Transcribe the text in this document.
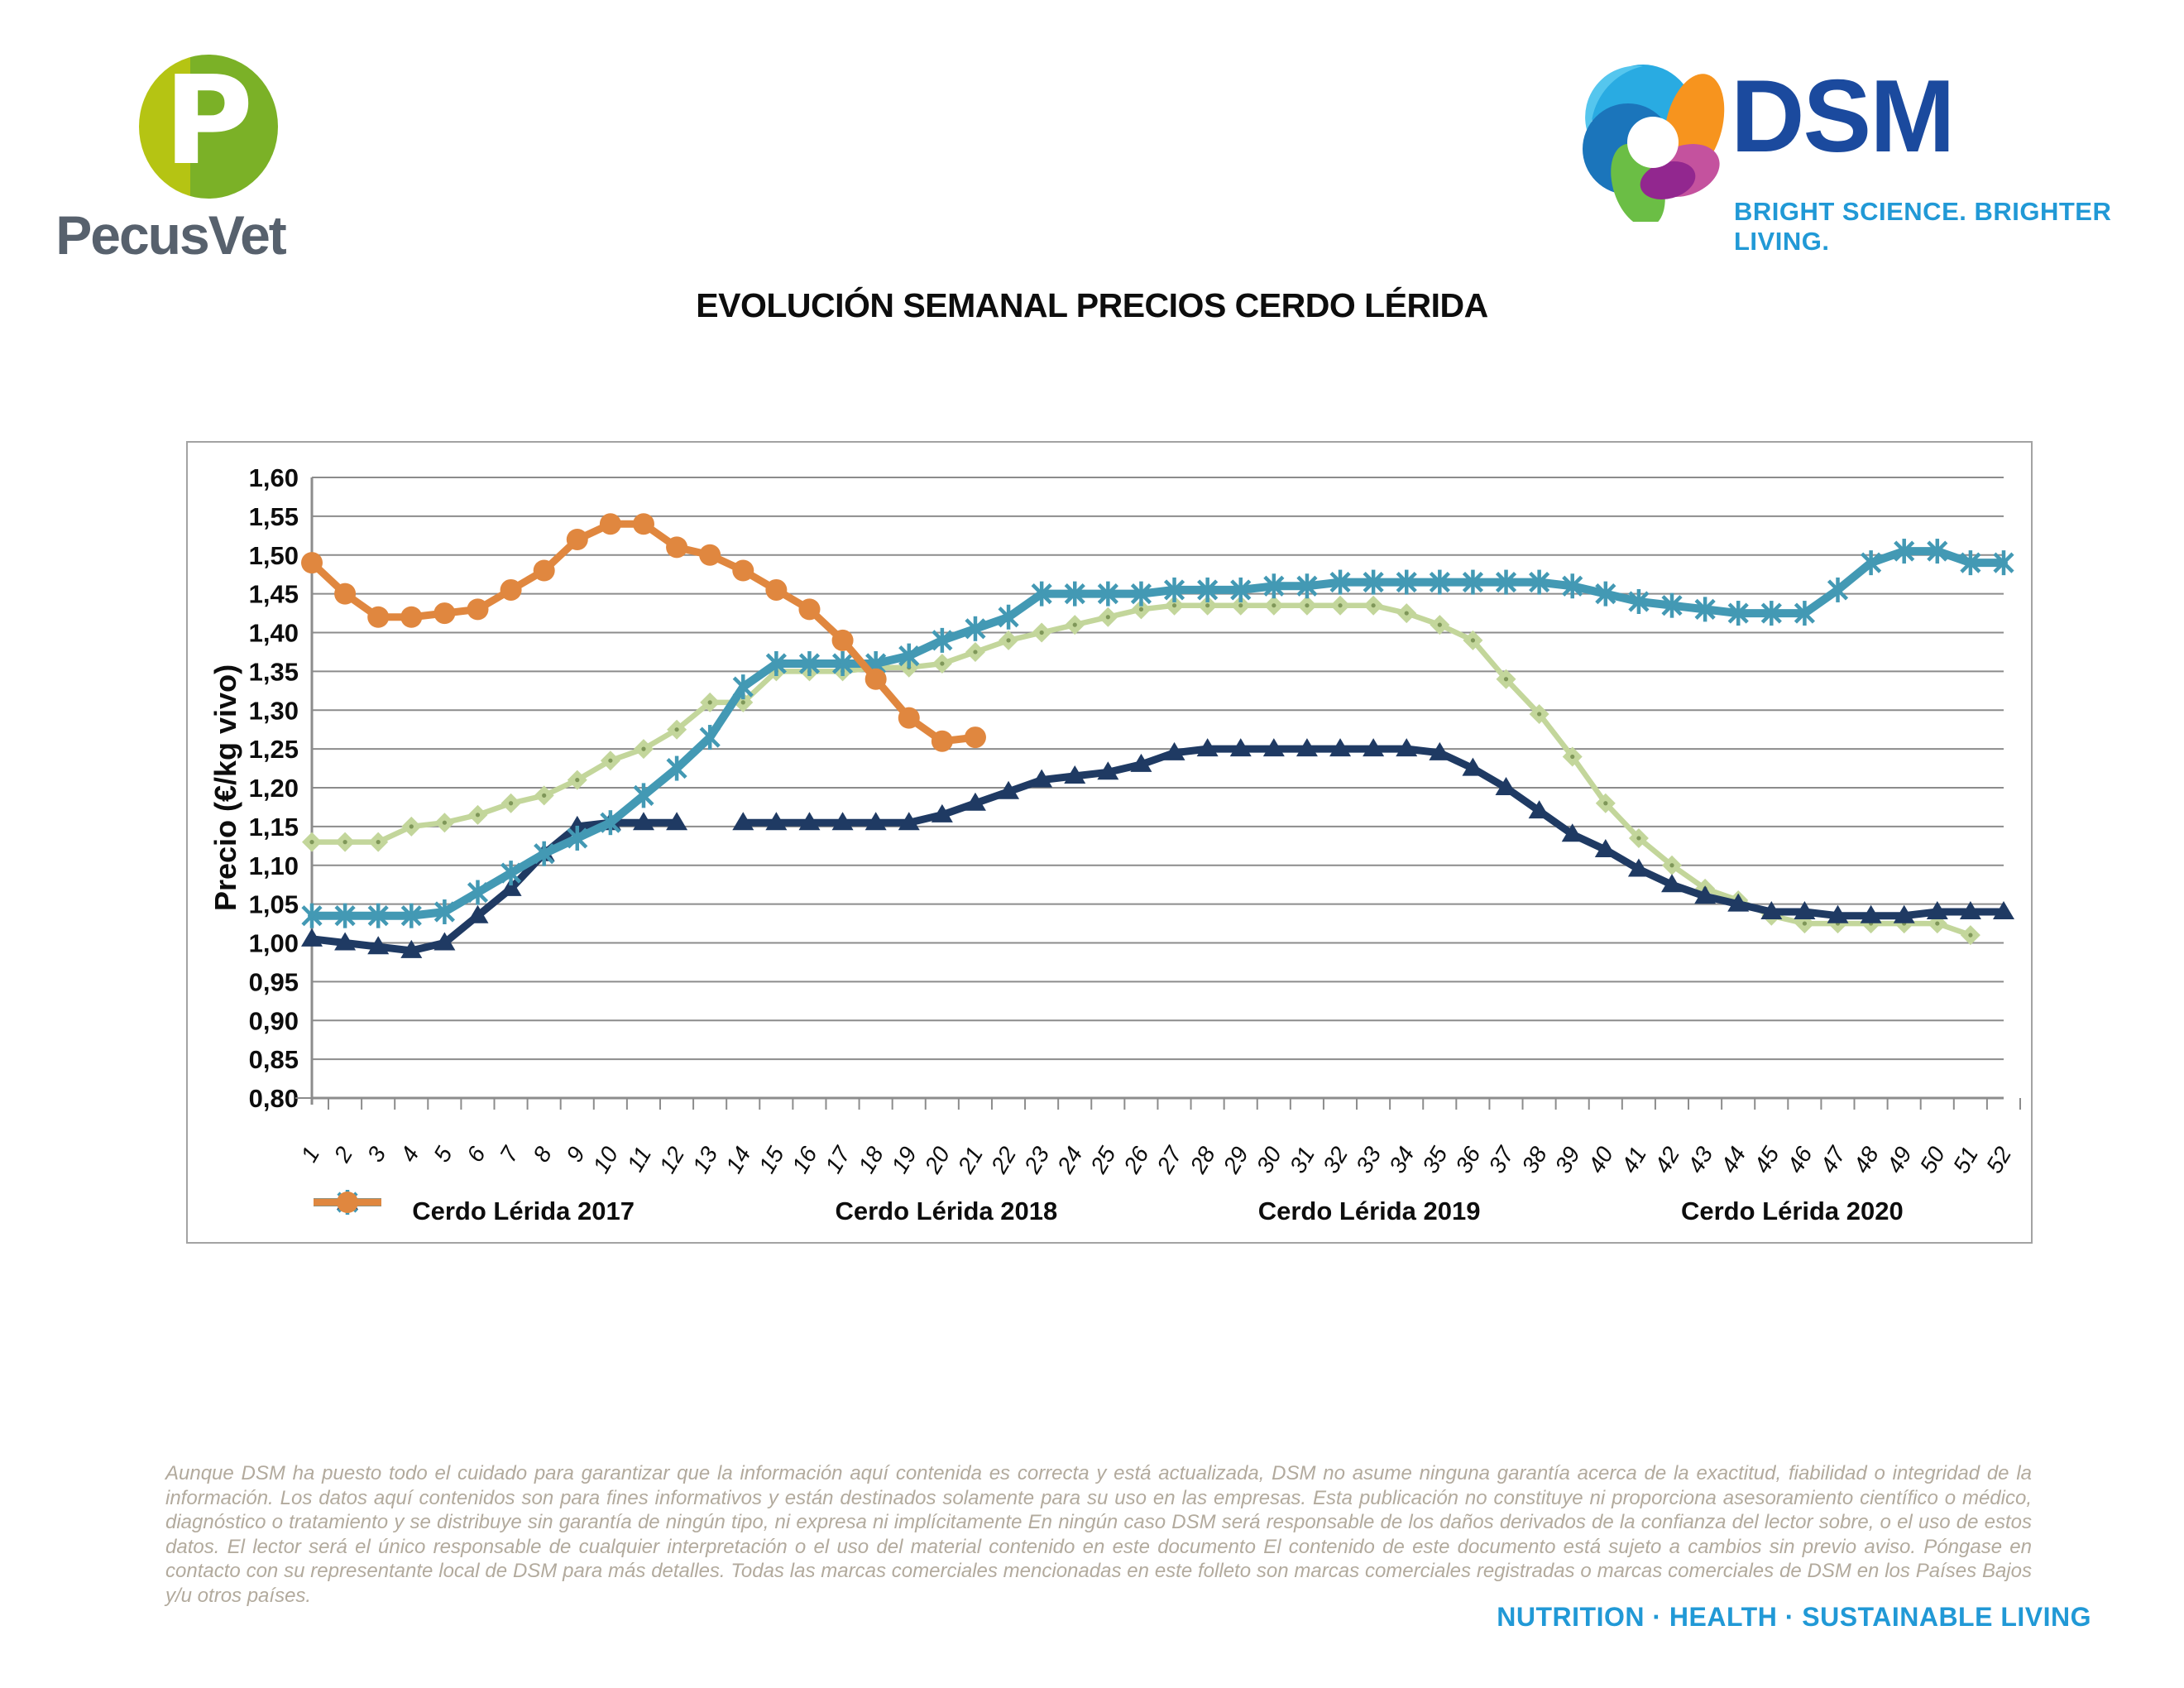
P
PecusVet
DSM
BRIGHT SCIENCE. BRIGHTER LIVING.
EVOLUCIÓN SEMANAL PRECIOS CERDO LÉRIDA
0,80
0,85
0,90
0,95
1,00
1,05
1,10
1,15
1,20
1,25
1,30
1,35
1,40
1,45
1,50
1,55
1,60
1 2 3 4 5 6 7 8 9
10
11
12
13
14
15
16
17
18
19
20
21
22
23
24
25
26
27
28
29
30
31
32
33
34
35
36
37
38
39
40
41
42
43
44
45
46
47
48
49
50
51
52
Precio (€/kg vivo)
Cerdo Lérida 2017	Cerdo Lérida 2018	Cerdo Lérida 2019	Cerdo Lérida 2020
Aunque DSM ha puesto todo el cuidado para garantizar que la información aquí contenida es correcta y está actualizada, DSM no asume ninguna garantía acerca de la exactitud, fiabilidad o integridad de la información. Los datos aquí contenidos son para fines informativos y están destinados solamente para su uso en las empresas. Esta publicación no constituye ni proporciona asesoramiento científico o médico, diagnóstico o tratamiento y se distribuye sin garantía de ningún tipo, ni expresa ni implícitamente En ningún caso DSM será responsable de los daños derivados de la confianza del lector sobre, o el uso de estos datos. El lector será el único responsable de cualquier interpretación o el uso del material contenido en este documento El contenido de este documento está sujeto a cambios sin previo aviso. Póngase en contacto con su representante local de DSM para más detalles. Todas las marcas comerciales mencionadas en este folleto son marcas comerciales registradas o marcas comerciales de DSM en los Países Bajos y/u otros países.
NUTRITION · HEALTH · SUSTAINABLE LIVING
